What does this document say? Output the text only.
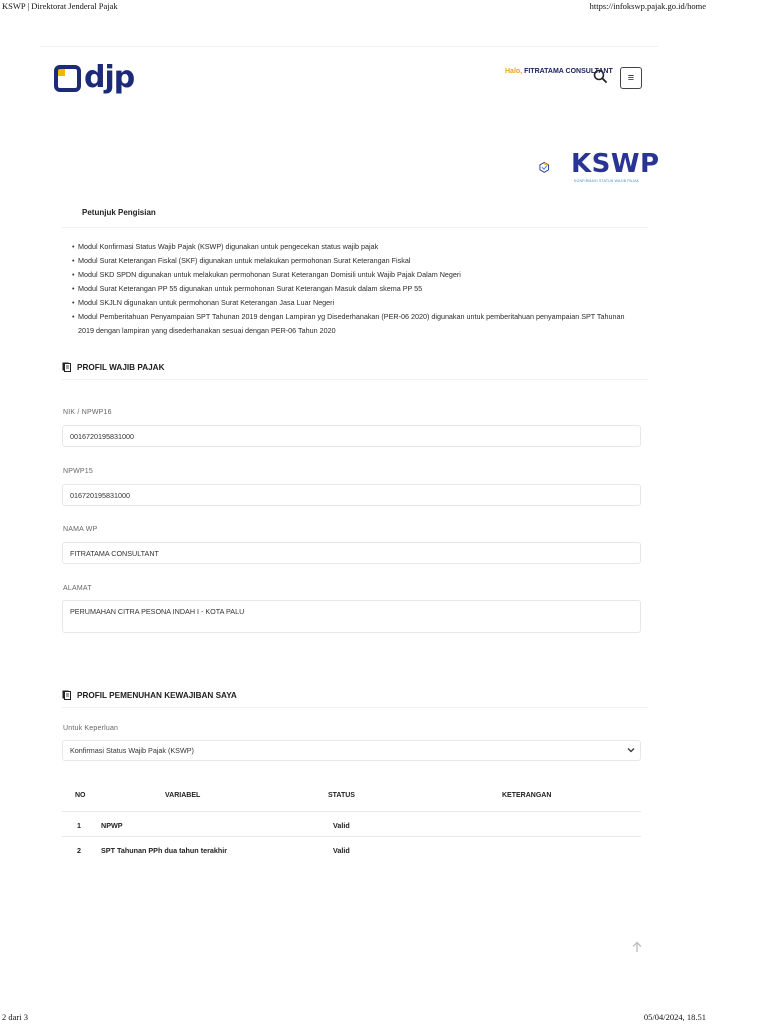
KSWP | Direktorat Jenderal Pajak	https://infokswp.pajak.go.id/home
djp	Halo, FITRATAMA CONSULTANT
≡
KSWP
KONFIRMASI STATUS WAJIB PAJAK
Petunjuk Pengisian
• Modul Konfirmasi Status Wajib Pajak (KSWP) digunakan untuk pengecekan status wajib pajak
• Modul Surat Keterangan Fiskal (SKF) digunakan untuk melakukan permohonan Surat Keterangan Fiskal
• Modul SKD SPDN digunakan untuk melakukan permohonan Surat Keterangan Domisili untuk Wajib Pajak Dalam Negeri
• Modul Surat Keterangan PP 55 digunakan untuk permohonan Surat Keterangan Masuk dalam skema PP 55
• Modul SKJLN digunakan untuk permohonan Surat Keterangan Jasa Luar Negeri
• Modul Pemberitahuan Penyampaian SPT Tahunan 2019 dengan Lampiran yg Disederhanakan (PER-06 2020) digunakan untuk pemberitahuan penyampaian SPT Tahunan 2019 dengan lampiran yang disederhanakan sesuai dengan PER-06 Tahun 2020
PROFIL WAJIB PAJAK
NIK / NPWP16
0016720195831000
NPWP15
016720195831000
NAMA WP
FITRATAMA CONSULTANT
ALAMAT
PERUMAHAN CITRA PESONA INDAH I - KOTA PALU
PROFIL PEMENUHAN KEWAJIBAN SAYA
Untuk Keperluan
Konfirmasi Status Wajib Pajak (KSWP)
NO	VARIABEL	STATUS	KETERANGAN
1	NPWP	Valid
2	SPT Tahunan PPh dua tahun terakhir	Valid
2 dari 3	05/04/2024, 18.51
